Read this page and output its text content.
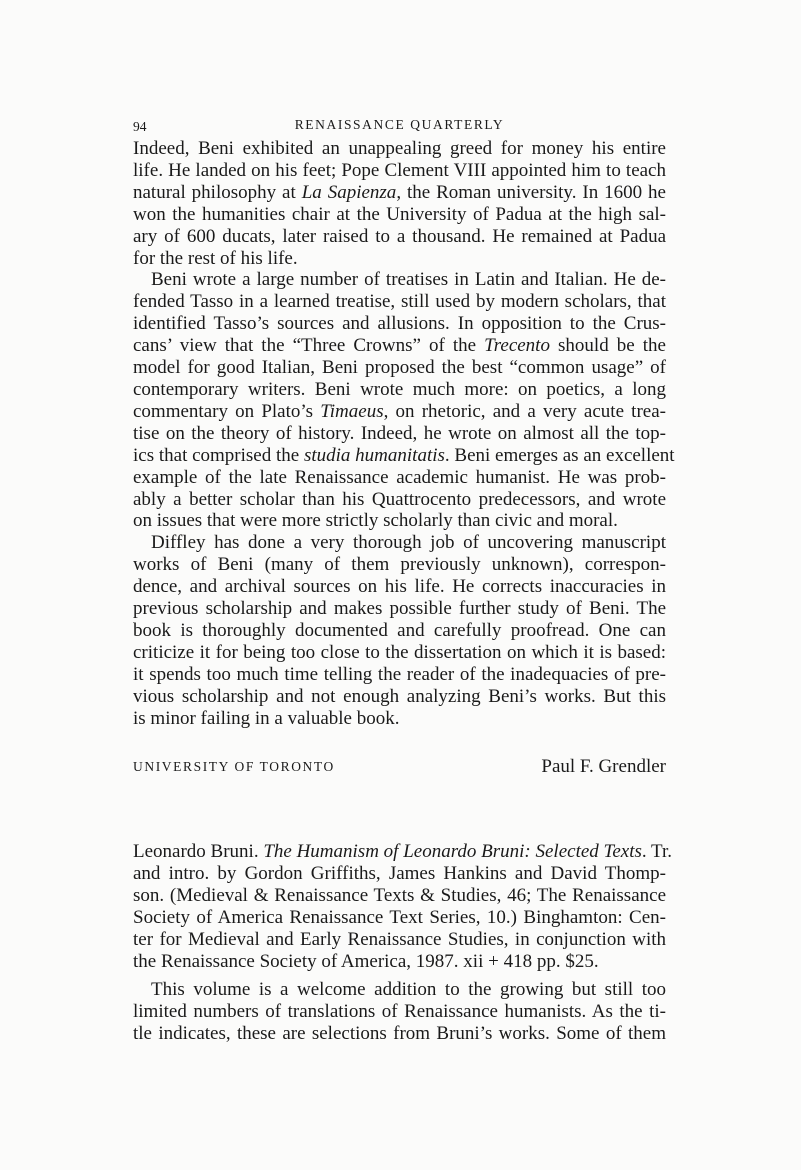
94	RENAISSANCE QUARTERLY
Indeed, Beni exhibited an unappealing greed for money his entire
life. He landed on his feet; Pope Clement VIII appointed him to teach
natural philosophy at La Sapienza, the Roman university. In 1600 he
won the humanities chair at the University of Padua at the high sal-
ary of 600 ducats, later raised to a thousand. He remained at Padua
for the rest of his life.
Beni wrote a large number of treatises in Latin and Italian. He de-
fended Tasso in a learned treatise, still used by modern scholars, that
identified Tasso’s sources and allusions. In opposition to the Crus-
cans’ view that the “Three Crowns” of the Trecento should be the
model for good Italian, Beni proposed the best “common usage” of
contemporary writers. Beni wrote much more: on poetics, a long
commentary on Plato’s Timaeus, on rhetoric, and a very acute trea-
tise on the theory of history. Indeed, he wrote on almost all the top-
ics that comprised the studia humanitatis. Beni emerges as an excellent
example of the late Renaissance academic humanist. He was prob-
ably a better scholar than his Quattrocento predecessors, and wrote
on issues that were more strictly scholarly than civic and moral.
Diffley has done a very thorough job of uncovering manuscript
works of Beni (many of them previously unknown), correspon-
dence, and archival sources on his life. He corrects inaccuracies in
previous scholarship and makes possible further study of Beni. The
book is thoroughly documented and carefully proofread. One can
criticize it for being too close to the dissertation on which it is based:
it spends too much time telling the reader of the inadequacies of pre-
vious scholarship and not enough analyzing Beni’s works. But this
is minor failing in a valuable book.
UNIVERSITY OF TORONTO	Paul F. Grendler
Leonardo Bruni. The Humanism of Leonardo Bruni: Selected Texts. Tr.
and intro. by Gordon Griffiths, James Hankins and David Thomp-
son. (Medieval & Renaissance Texts & Studies, 46; The Renaissance
Society of America Renaissance Text Series, 10.) Binghamton: Cen-
ter for Medieval and Early Renaissance Studies, in conjunction with
the Renaissance Society of America, 1987. xii + 418 pp. $25.
This volume is a welcome addition to the growing but still too
limited numbers of translations of Renaissance humanists. As the ti-
tle indicates, these are selections from Bruni’s works. Some of them
